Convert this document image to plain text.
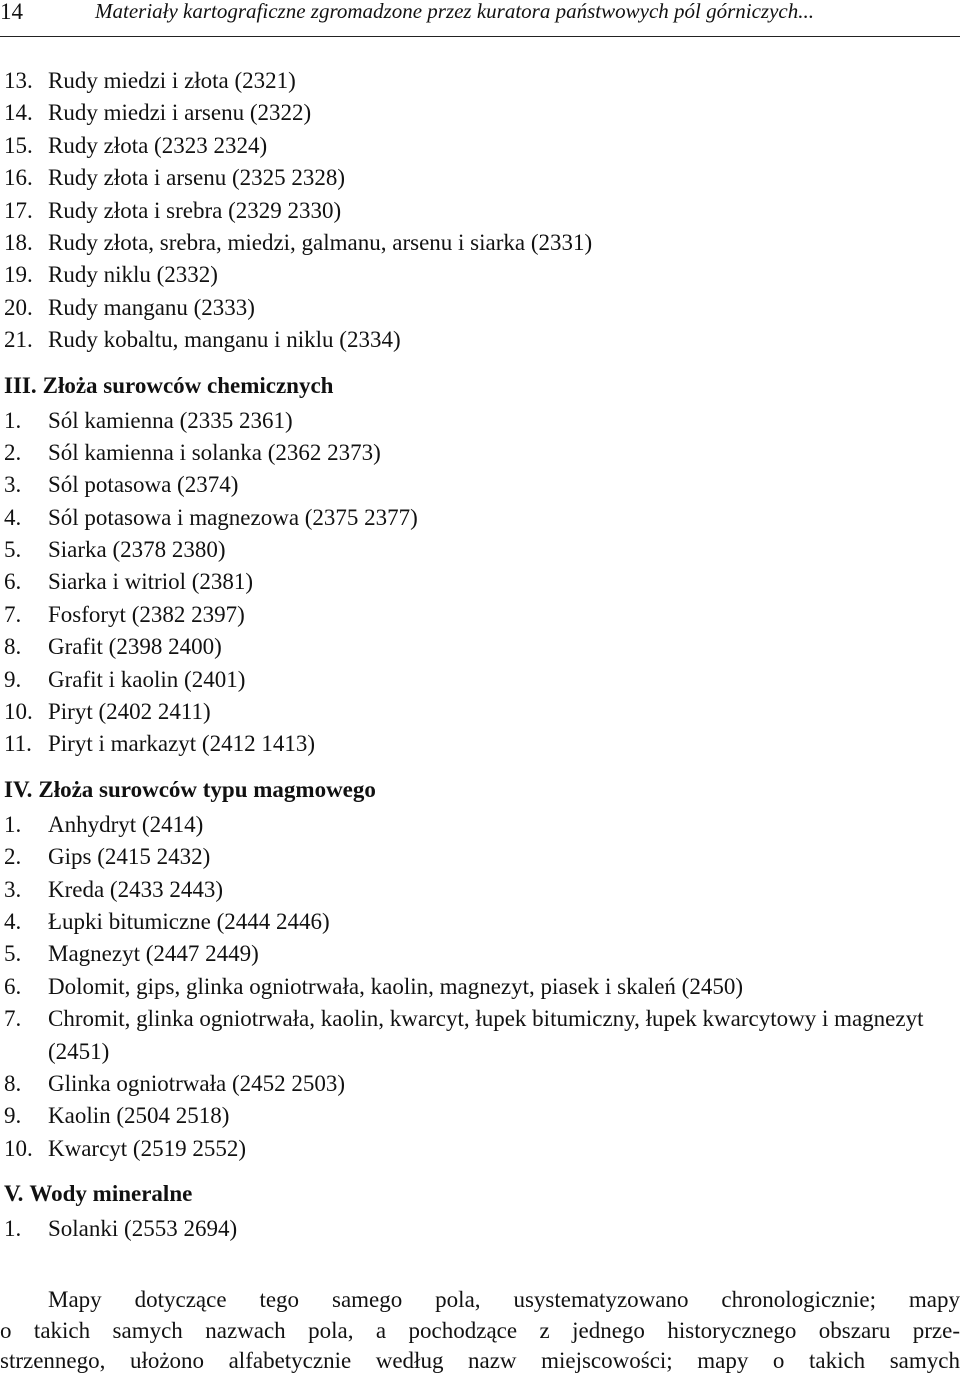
14	Materiały kartograficzne zgromadzone przez kuratora państwowych pól górniczych...
13. Rudy miedzi i złota (2321)
14. Rudy miedzi i arsenu (2322)
15. Rudy złota (2323 2324)
16. Rudy złota i arsenu (2325 2328)
17. Rudy złota i srebra (2329 2330)
18. Rudy złota, srebra, miedzi, galmanu, arsenu i siarka (2331)
19. Rudy niklu (2332)
20. Rudy manganu (2333)
21. Rudy kobaltu, manganu i niklu (2334)
III. Złoża surowców chemicznych
1. Sól kamienna (2335 2361)
2. Sól kamienna i solanka (2362 2373)
3. Sól potasowa (2374)
4. Sól potasowa i magnezowa (2375 2377)
5. Siarka (2378 2380)
6. Siarka i witriol (2381)
7. Fosforyt (2382 2397)
8. Grafit (2398 2400)
9. Grafit i kaolin (2401)
10. Piryt (2402 2411)
11. Piryt i markazyt (2412 1413)
IV. Złoża surowców typu magmowego
1. Anhydryt (2414)
2. Gips (2415 2432)
3. Kreda (2433 2443)
4. Łupki bitumiczne (2444 2446)
5. Magnezyt (2447 2449)
6. Dolomit, gips, glinka ogniotrwała, kaolin, magnezyt, piasek i skaleń (2450)
7. Chromit, glinka ogniotrwała, kaolin, kwarcyt, łupek bitumiczny, łupek kwarcytowy i magnezyt (2451)
8. Glinka ogniotrwała (2452 2503)
9. Kaolin (2504 2518)
10. Kwarcyt (2519 2552)
V. Wody mineralne
1. Solanki (2553 2694)
Mapy dotyczące tego samego pola, usystematyzowano chronologicznie; mapy
o takich samych nazwach pola, a pochodzące z jednego historycznego obszaru prze-
strzennego, ułożono alfabetycznie według nazw miejscowości; mapy o takich samych
